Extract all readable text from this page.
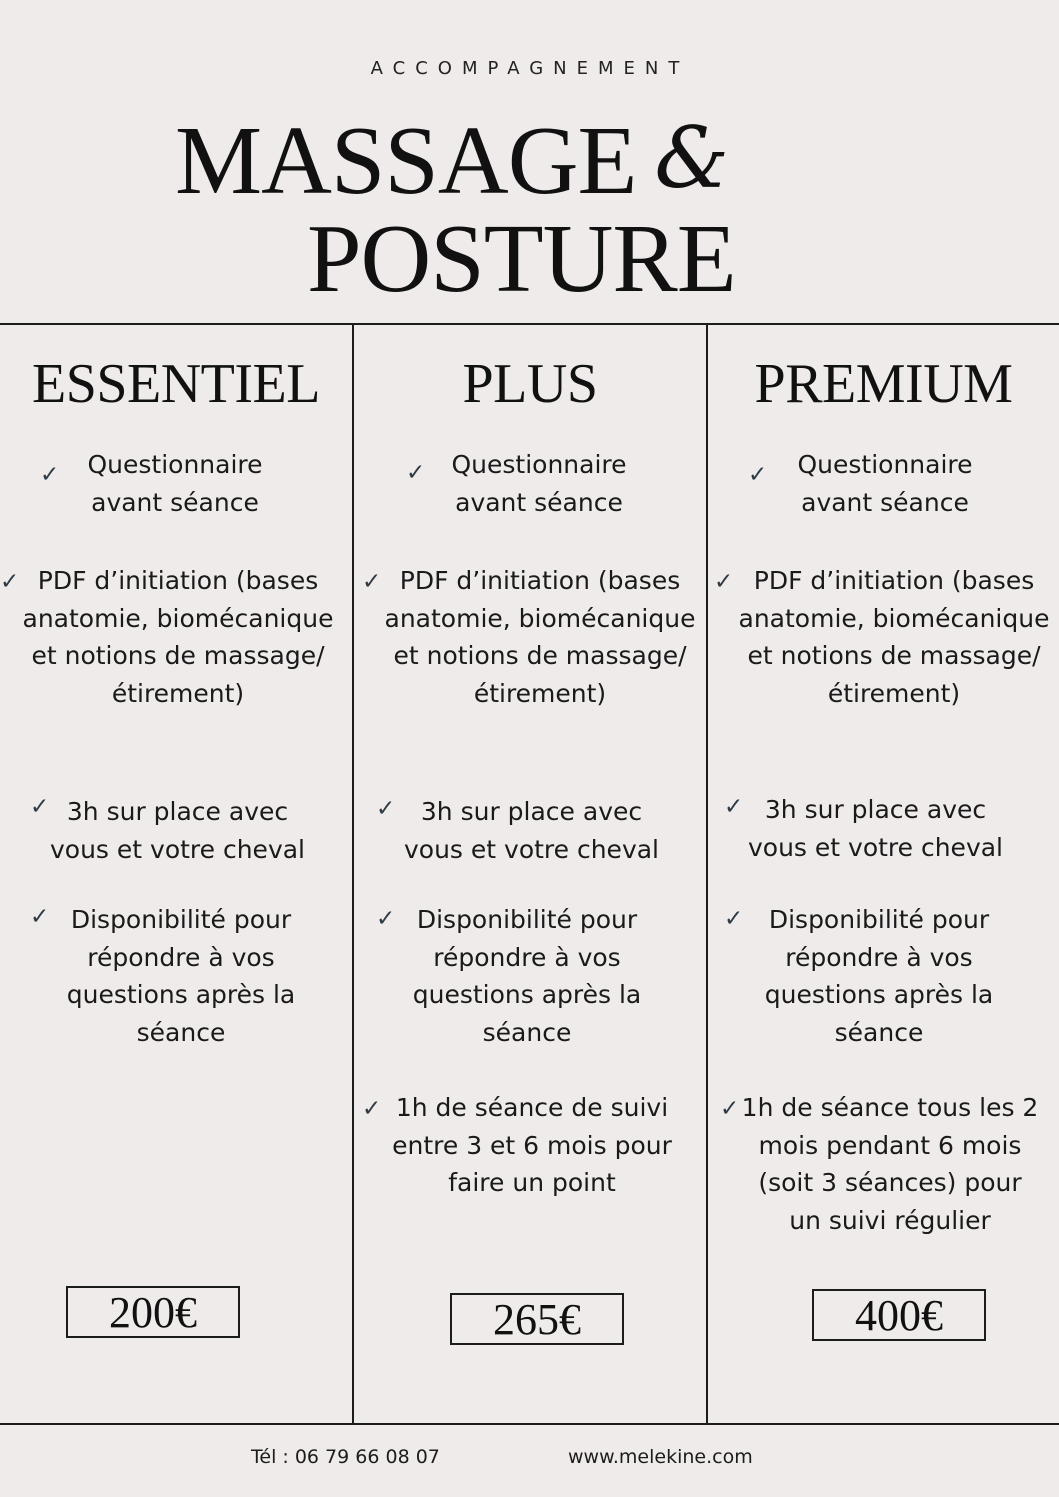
ACCOMPAGNEMENT
MASSAGE &
POSTURE
ESSENTIEL
✓	Questionnaire avant séance
✓ PDF d’initiation (bases anatomie, biomécanique et notions de massage/ étirement)
✓ 3h sur place avec vous et votre cheval
✓ Disponibilité pour répondre à vos questions après la séance
200€
PLUS
✓	Questionnaire avant séance
✓ PDF d’initiation (bases anatomie, biomécanique et notions de massage/ étirement)
✓	3h sur place avec vous et votre cheval
✓ Disponibilité pour répondre à vos questions après la séance
✓ 1h de séance de suivi entre 3 et 6 mois pour faire un point
265€
PREMIUM
✓	Questionnaire avant séance
✓ PDF d’initiation (bases anatomie, biomécanique et notions de massage/ étirement)
✓ 3h sur place avec vous et votre cheval
✓	Disponibilité pour répondre à vos questions après la séance
✓ 1h de séance tous les 2 mois pendant 6 mois (soit 3 séances) pour un suivi régulier
400€
Tél : 06 79 66 08 07	www.melekine.com
